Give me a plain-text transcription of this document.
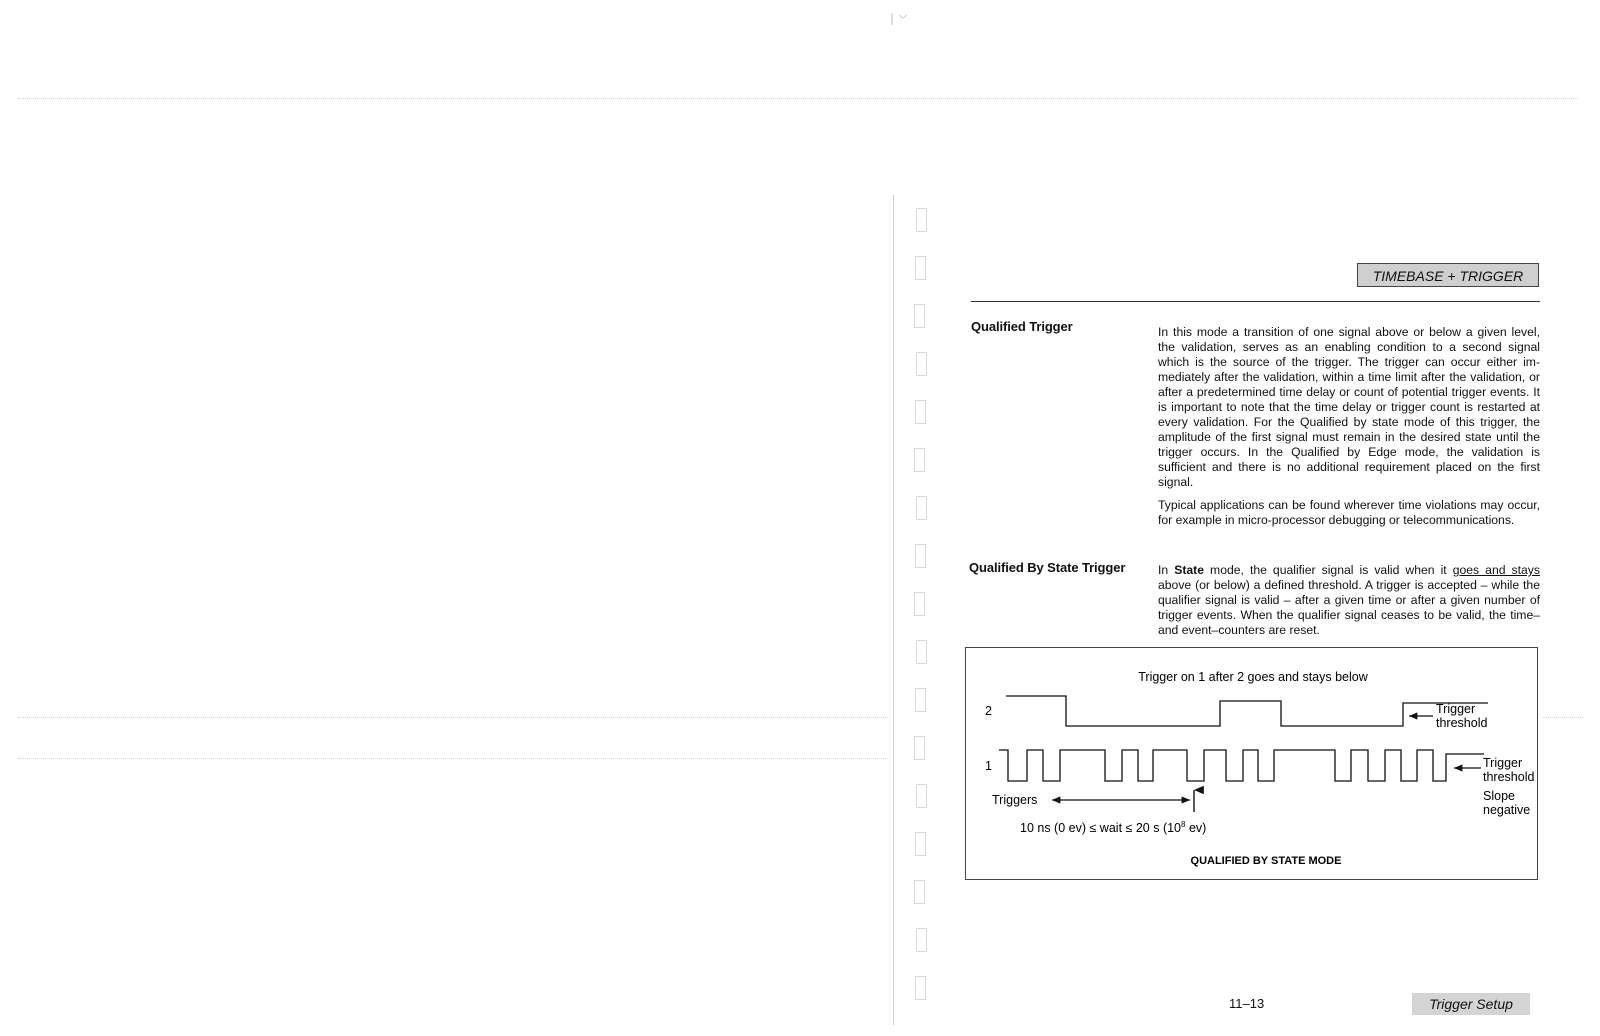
TIMEBASE + TRIGGER
Qualified Trigger	In this mode a transition of one signal above or below a given level, the validation, serves as an enabling condition to a second signal which is the source of the trigger. The trigger can occur either immediately after the validation, within a time limit after the validation, or after a predetermined time delay or count of potential trigger events. It is important to note that the time delay or trigger count is restarted at every validation. For the Qualified by state mode of this trigger, the amplitude of the first signal must remain in the desired state until the trigger occurs. In the Qualified by Edge mode, the validation is sufficient and there is no additional requirement placed on the first signal.

Typical applications can be found wherever time violations may occur, for example in micro-processor debugging or telecommunications.

Qualified By State Trigger	In State mode, the qualifier signal is valid when it goes and stays above (or below) a defined threshold. A trigger is accepted – while the qualifier signal is valid – after a given time or after a given number of trigger events. When the qualifier signal ceases to be valid, the time– and event–counters are reset.

Trigger on 1 after 2 goes and stays below
2	Trigger
threshold
1	Trigger
threshold
Slope
negative
Triggers
10 ns (0 ev) ≤ wait ≤ 20 s ($10^8$ ev)
QUALIFIED BY STATE MODE
11–13	Trigger Setup
